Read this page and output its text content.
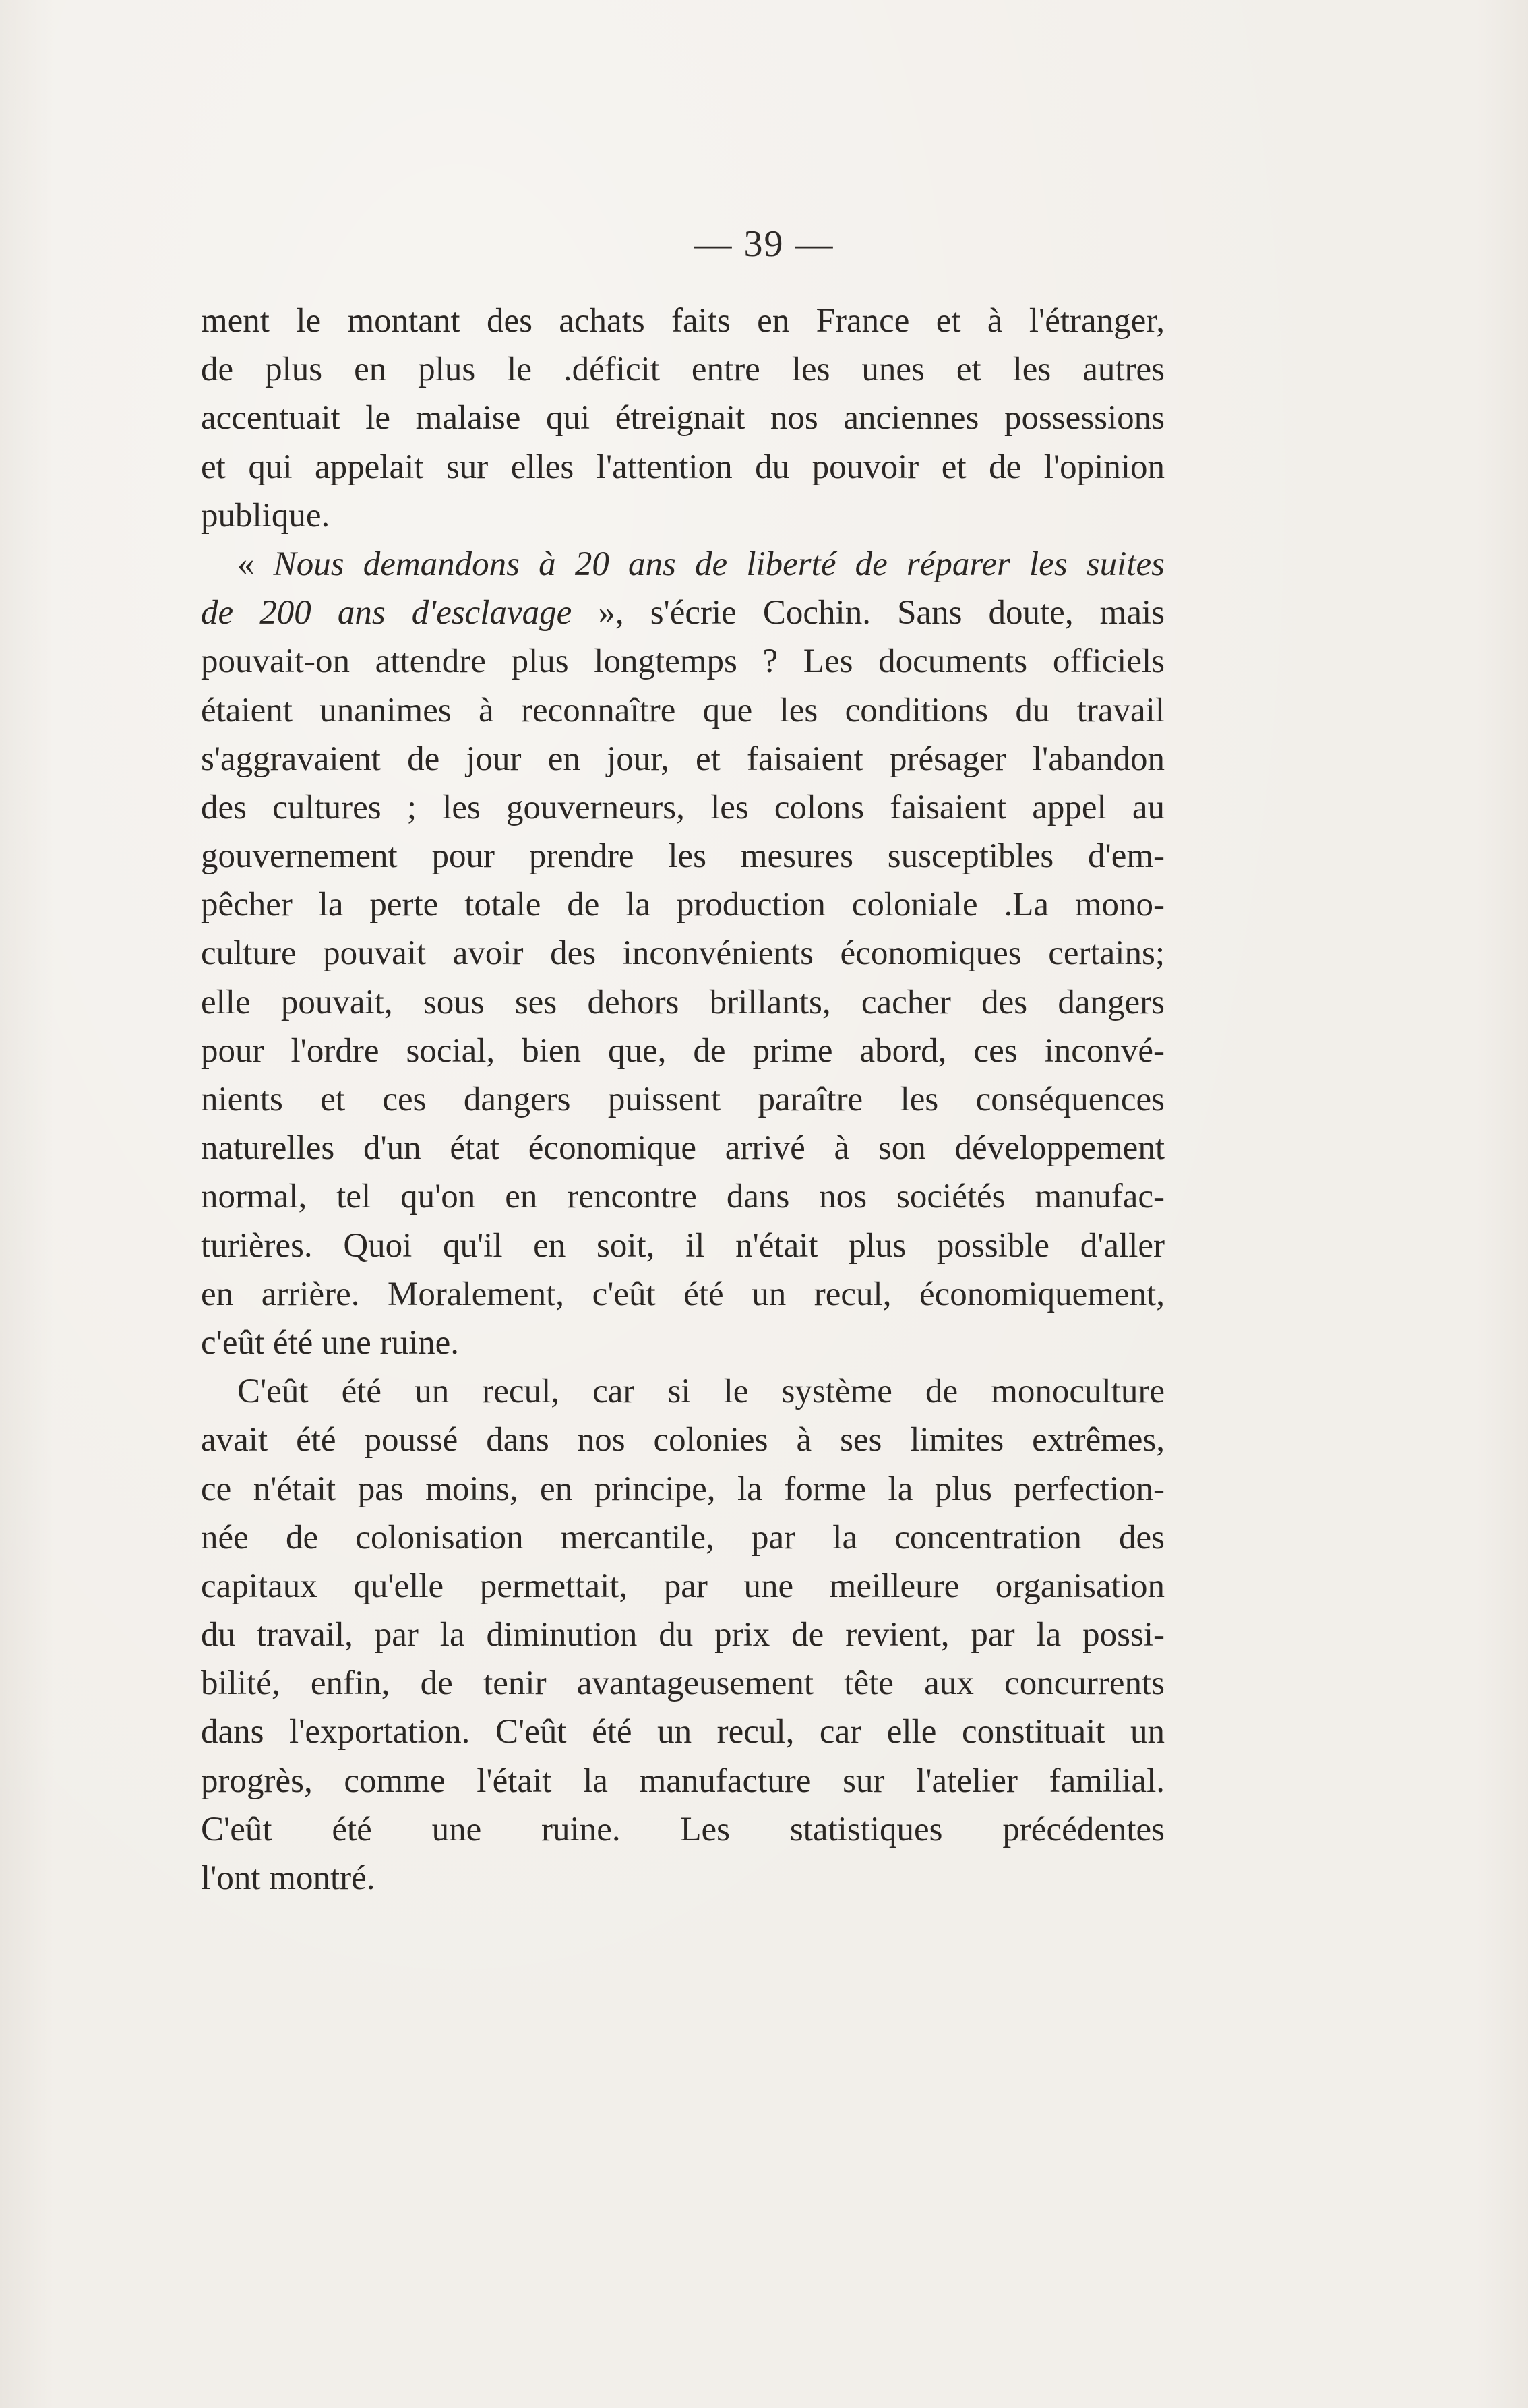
— 39 —
ment le montant des achats faits en France et à l'étranger,
de plus en plus le .déficit entre les unes et les autres
accentuait le malaise qui étreignait nos anciennes possessions
et qui appelait sur elles l'attention du pouvoir et de l'opinion
publique.
« Nous demandons à 20 ans de liberté de réparer les suites
de 200 ans d'esclavage », s'écrie Cochin. Sans doute, mais
pouvait-on attendre plus longtemps ? Les documents officiels
étaient unanimes à reconnaître que les conditions du travail
s'aggravaient de jour en jour, et faisaient présager l'abandon
des cultures ; les gouverneurs, les colons faisaient appel au
gouvernement pour prendre les mesures susceptibles d'em-
pêcher la perte totale de la production coloniale .La mono-
culture pouvait avoir des inconvénients économiques certains;
elle pouvait, sous ses dehors brillants, cacher des dangers
pour l'ordre social, bien que, de prime abord, ces inconvé-
nients et ces dangers puissent paraître les conséquences
naturelles d'un état économique arrivé à son développement
normal, tel qu'on en rencontre dans nos sociétés manufac-
turières. Quoi qu'il en soit, il n'était plus possible d'aller
en arrière. Moralement, c'eût été un recul, économiquement,
c'eût été une ruine.
C'eût été un recul, car si le système de monoculture
avait été poussé dans nos colonies à ses limites extrêmes,
ce n'était pas moins, en principe, la forme la plus perfection-
née de colonisation mercantile, par la concentration des
capitaux qu'elle permettait, par une meilleure organisation
du travail, par la diminution du prix de revient, par la possi-
bilité, enfin, de tenir avantageusement tête aux concurrents
dans l'exportation. C'eût été un recul, car elle constituait un
progrès, comme l'était la manufacture sur l'atelier familial.
C'eût été une ruine. Les statistiques précédentes
l'ont montré.
